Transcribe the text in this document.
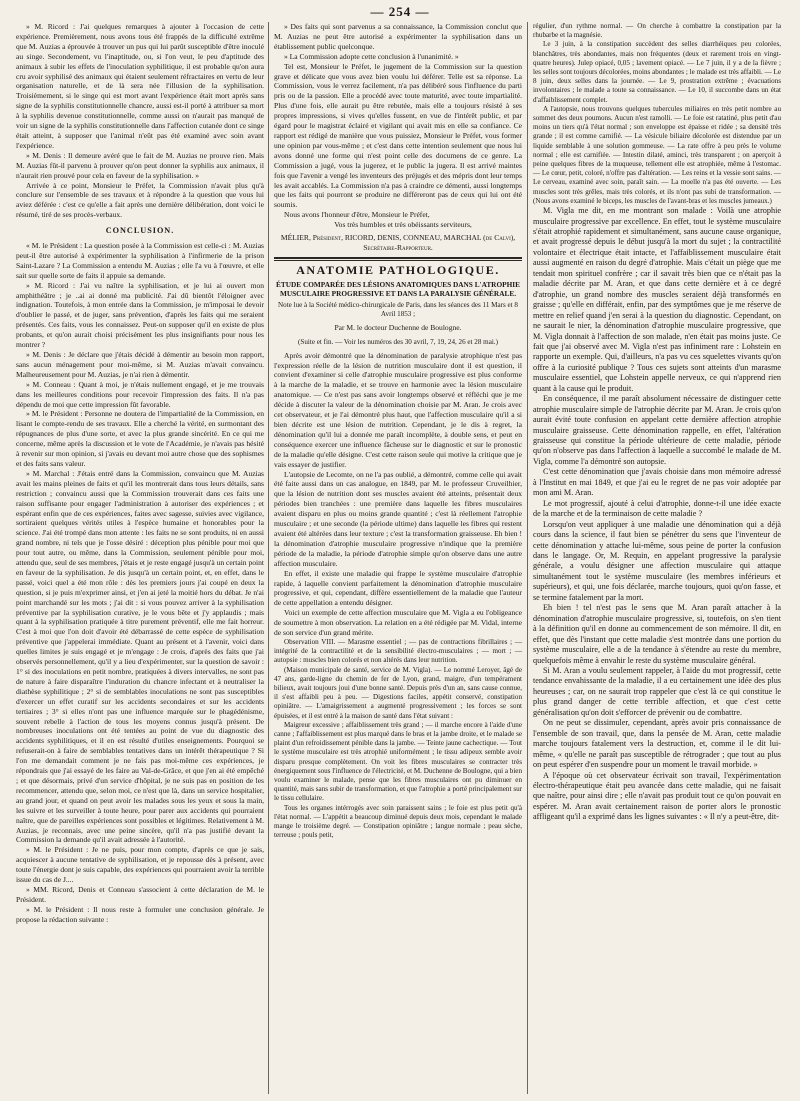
— 254 —

» M. Ricord : J'ai quelques remarques à ajouter à l'occasion de cette expérience. Premièrement, nous avons tous été frappés de la difficulté extrême que M. Auzias a éprouvée à trouver un pus qui lui parût susceptible d'être inoculé au singe. Secondement, vu l'inaptitude, ou, si l'on veut, le peu d'aptitude des animaux à subir les effets de l'inoculation syphilitique, il est probable qu'on aura cru avoir syphilisé des animaux qui étaient seulement réfractaires en vertu de leur organisation naturelle, et de là sera née l'illusion de la syphilisation. Troisièmement, si le singe qui est mort avant l'expérience était mort après sans signe de la syphilis constitutionnelle chancre, aussi est-il porté à attribuer sa mort à la syphilis devenue constitutionnelle, comme aussi on n'aurait pas manqué de voir un signe de la syphilis constitutionnelle dans l'affection cutanée dont ce singe était atteint, à supposer que l'animal n'eût pas été examiné avec soin avant l'expérience.

» M. Denis : Il demeure avéré que le fait de M. Auzias ne prouve rien. Mais M. Auzias fût-il parvenu à prouver qu'on peut donner la syphilis aux animaux, il n'aurait rien prouvé pour cela en faveur de la syphilisation. »

Arrivée à ce point, Monsieur le Préfet, la Commission n'avait plus qu'à conclure sur l'ensemble de ses travaux et à répondre à la question que vous lui aviez déférée : c'est ce qu'elle a fait après une dernière délibération, dont voici le résumé, tiré de ses procès-verbaux.

CONCLUSION.

« M. le Président : La question posée à la Commission est celle-ci : M. Auzias peut-il être autorisé à expérimenter la syphilisation à l'infirmerie de la prison Saint-Lazare ? La Commission a entendu M. Auzias ; elle l'a vu à l'œuvre, et elle sait sur quelle sorte de faits il appuie sa demande.

» M. Ricord : J'ai vu naître la syphilisation, et je lui ai ouvert mon amphithéâtre ; je ..ai ai donné ma publicité. J'ai dû bientôt l'éloigner avec indignation. Toutefois, à mon entrée dans la Commission, je m'imposai le devoir d'oublier le passé, et de juger, sans prévention, d'après les faits qui me seraient présentés. Ces faits, vous les connaissez. Peut-on supposer qu'il en existe de plus probants, et qu'on aurait choisi précisément les plus insignifiants pour nous les montrer ?

» M. Denis : Je déclare que j'étais décidé à démentir au besoin mon rapport, sans aucun ménagement pour moi-même, si M. Auzias m'avait convaincu. Malheureusement pour M. Auzias, je n'ai rien à démentir.

» M. Conneau : Quant à moi, je n'étais nullement engagé, et je me trouvais dans les meilleures conditions pour recevoir l'impression des faits. Il n'a pas dépendu de moi que cette impression fût favorable.

» M. le Président : Personne ne doutera de l'impartialité de la Commission, en lisant le compte-rendu de ses travaux. Elle a cherché la vérité, en surmontant des répugnances de plus d'une sorte, et avec la plus grande sincérité. En ce qui me concerne, même après la discussion et le vote de l'Académie, je n'avais pas hésité à revenir sur mon opinion, si j'avais eu devant moi autre chose que des sophismes et des faits sans valeur.

» M. Marchal : J'étais entré dans la Commission, convaincu que M. Auzias avait les mains pleines de faits et qu'il les montrerait dans tous leurs détails, sans restriction ; convaincu aussi que la Commission trouverait dans ces faits une raison suffisante pour engager l'administration à autoriser des expériences ; et espérant enfin que de ces expériences, faites avec sagesse, suivies avec vigilance, sortiraient quelques vérités utiles à l'espèce humaine et honorables pour la science. J'ai été trompé dans mon attente : les faits ne se sont produits, ni en aussi grand nombre, ni tels que je l'osse désiré : déception plus pénible pour moi que pour tout autre, ou même, dans la Commission, seulement pénible pour moi, attendu que, seul de ses membres, j'étais et je reste engagé jusqu'à un certain point en faveur de la syphilisation. Je dis jusqu'à un certain point, et, en effet, dans le passé, voici quel a été mon rôle : dès les premiers jours j'ai coupé en deux la question, si je puis m'exprimer ainsi, et j'en ai jeté la moitié hors du débat. Je n'ai point marchandé sur les mots ; j'ai dit : si vous pouvez arriver à la syphilisation préventive par la syphilisation curative, je le vous bête et j'y applaudis ; mais quant à la syphilisation pratiquée à titre purement préventif, elle me fait horreur. C'est à moi que l'on doit d'avoir été débarrassé de cette espèce de syphilisation préventive que j'appelerai immédiate. Quant au présent et à l'avenir, voici dans quelles limites je suis engagé et je m'engage : Je crois, d'après des faits que j'ai observés personnellement, qu'il y a lieu d'expérimenter, sur la question de savoir : 1° si des inoculations en petit nombre, pratiquées à divers intervalles, ne sont pas de nature à faire disparaître l'induration du chancre infectant et à neutraliser la diathèse syphilitique ; 2° si de semblables inoculations ne sont pas susceptibles d'exercer un effet curatif sur les accidents secondaires et sur les accidents tertiaires ; 3° si elles n'ont pas une influence marquée sur le phagédénisme, souvent rebelle à l'action de tous les moyens connus jusqu'à présent. De nombreuses inoculations ont été tentées au point de vue du diagnostic des accidents syphilitiques, et il en est résulté d'utiles enseignements. Pourquoi se refuserait-on à faire de semblables tentatives dans un intérêt thérapeutique ? Si l'on me demandait comment je ne fais pas moi-même ces expériences, je répondrais que j'ai essayé de les faire au Val-de-Grâce, et que j'en ai été empêché ; et que désormais, privé d'un service d'hôpital, je ne suis pas en position de les recommencer, attendu que, selon moi, ce n'est que là, dans un service hospitalier, au grand jour, et quand on peut avoir les malades sous les yeux et sous la main, les suivre et les surveiller à toute heure, pour parer aux accidents qui pourraient naître, que de pareilles expériences sont possibles et légitimes. Relativement à M. Auzias, je reconnais, avec une peine sincère, qu'il n'a pas justifié devant la Commission la demande qu'il avait adressée à l'autorité.

» M. le Président : Je ne puis, pour mon compte, d'après ce que je sais, acquiescer à aucune tentative de syphilisation, et je repousse dès à présent, avec toute l'énergie dont je suis capable, des expériences qui pourraient avoir la terrible issue du cas de J....

» MM. Ricord, Denis et Conneau s'associent à cette déclaration de M. le Président.

» M. le Président : Il nous reste à formuler une conclusion générale. Je propose la rédaction suivante :

» Des faits qui sont parvenus a sa connaissance, la Commission conclut que M. Auzias ne peut être autorisé a expérimenter la syphilisation dans un établissement public quelconque.

» La Commission adopte cette conclusion à l'unanimité. »

Tel est, Monsieur le Préfet, le jugement de la Commission sur la question grave et délicate que vous avez bien voulu lui déférer. Telle est sa réponse. La Commission, vous le verrez facilement, n'a pas délibéré sous l'influence du parti pris ou de la passion. Elle a procédé avec toute maturité, avec toute impartialité. Plus d'une fois, elle aurait pu être rebutée, mais elle a toujours résisté à ses propres impressions, si vives qu'elles fussent, en vue de l'intérêt public, et par égard pour le magistrat éclairé et vigilant qui avait mis en elle sa confiance. Ce rapport est rédigé de manière que vous puissiez, Monsieur le Préfet, vous former une opinion par vous-même ; et c'est dans cette intention seulement que nous lui avons donné une forme qui n'est point celle des documens de ce genre. La Commission a jugé, vous la jugerez, et le public la jugera. Il est arrivé maintes fois que l'avenir a vengé les inventeurs des préjugés et des mépris dont leur temps les avait accablés. La Commission n'a pas à craindre ce démenti, aussi longtemps que les faits qui pourront se produire ne différeront pas de ceux qui lui ont été soumis.

Nous avons l'honneur d'être, Monsieur le Préfet,

Vos très humbles et très obéissants serviteurs,

MÉLIER, Président, RICORD, DENIS, CONNEAU, MARCHAL (de Calvi), Secrétaire-Rapporteur.
ANATOMIE PATHOLOGIQUE.
ÉTUDE COMPARÉE DES LÉSIONS ANATOMIQUES DANS L'ATROPHIE MUSCULAIRE PROGRESSIVE ET DANS LA PARALYSIE GÉNÉRALE.
Note lue à la Société médico-chirurgicale de Paris, dans les séances des 11 Mars et 8 Avril 1853 ;
Par M. le docteur Duchenne de Boulogne.
(Suite et fin. — Voir les numéros des 30 avril, 7, 19, 24, 26 et 28 mai.)

Après avoir démontré que la dénomination de paralysie atrophique n'est pas l'expression réelle de la lésion de nutrition musculaire dont il est question, il convient d'examiner si celle d'atrophie musculaire progressive est plus conforme à la marche de la maladie, et se trouve en harmonie avec la lésion musculaire anatomique. — Ce n'est pas sans avoir longtemps observé et réfléchi que je me décide à discuter la valeur de la dénomination choisie par M. Aran. Je crois avec cet observateur, et je l'ai démontré plus haut, que l'affection musculaire qu'il a si bien décrite est une lésion de nutrition. Cependant, je le dis à regret, la dénomination qu'il lui a donnée me paraît incomplète, à double sens, et peut en conséquence exercer une influence fâcheuse sur le diagnostic et sur le pronostic de la maladie qu'elle désigne. C'est cette raison seule qui motive la critique que je vais essayer de justifier.

L'autopsie de Lecomte, on ne l'a pas oublié, a démontré, comme celle qui avait été faite aussi dans un cas analogue, en 1849, par M. le professeur Cruveilhier, que la lésion de nutrition dont ses muscles avaient été atteints, présentait deux périodes bien tranchées : une première dans laquelle les fibres musculaires avaient disparu en plus ou moins grande quantité ; c'est là réellement l'atrophie musculaire ; et une seconde (la période ultime) dans laquelle les fibres qui restent avaient été altérées dans leur texture ; c'est la transformation graisseuse. Eh bien ! la dénomination d'atrophie musculaire progressive n'indique que la première période de la maladie, la période d'atrophie simple qu'on observe dans une autre affection musculaire.

En effet, il existe une maladie qui frappe le système musculaire d'atrophie rapide, à laquelle convient parfaitement la dénomination d'atrophie musculaire progressive, et qui, cependant, diffère essentiellement de la maladie que l'auteur de cette appellation a entendu désigner.

Voici un exemple de cette affection musculaire que M. Vigla a eu l'obligeance de soumettre à mon observation. La relation en a été rédigée par M. Vidal, interne de son service d'un grand mérite.

Observation VIII. — Marasme essentiel ; — pas de contractions fibrillaires ; — intégrité de la contractilité et de la sensibilité électro-musculaires ; — mort ; — autopsie : muscles bien colorés et non altérés dans leur nutrition.

(Maison municipale de santé, service de M. Vigla). — Le nommé Leroyer, âgé de 47 ans, garde-ligne du chemin de fer de Lyon, grand, maigre, d'un tempérament bilieux, avait toujours joui d'une bonne santé. Depuis près d'un an, sans cause connue, il s'est affaibli peu à peu. — Digestions faciles, appétit conservé, constipation opiniâtre. — L'amaigrissement a augmenté progressivement ; les forces se sont épuisées, et il est entré à la maison de santé dans l'état suivant :

Maigreur excessive ; affaiblissement très grand ; — il marche encore à l'aide d'une canne ; l'affaiblissement est plus marqué dans le bras et la jambe droite, et le malade se plaint d'un refroidissement pénible dans la jambe. — Teinte jaune cachectique. — Tout le système musculaire est très atrophié uniformément ; le tissu adipeux semble avoir disparu presque complètement. On voit les fibres musculaires se contracter très énergiquement sous l'influence de l'électricité, et M. Duchenne de Boulogne, qui a bien voulu examiner le malade, pense que les fibres musculaires ont pu diminuer en quantité, mais sans subir de transformation, et que l'atrophie a porté principalement sur le tissu cellulaire.

Tous les organes intérrogés avec soin paraissent sains ; le foie est plus petit qu'à l'état normal. — L'appétit a beaucoup diminué depuis deux mois, cependant le malade mange le troisième degré. — Constipation opiniâtre ; langue normale ; peau sèche, terreuse ; pouls petit,

régulier, d'un rythme normal. — On cherche à combattre la constipation par la rhubarbe et la magnésie.

Le 3 juin, à la constipation succèdent des selles diarrhéiques peu colorées, blanchâtres, très abondantes, mais non fréquentes (deux et rarement trois en vingt-quatre heures). Julep opiacé, 0,05 ; lavement opiacé. — Le 7 juin, il y a de la fièvre ; les selles sont toujours décolorées, moins abondantes ; le malade est très affaibli. — Le 8 juin, deux selles dans la journée. — Le 9, prostration extrême ; évacuations involontaires ; le malade a toute sa connaissance. — Le 10, il succombe dans un état d'affaiblissement complet.

A l'autopsie, nous trouvons quelques tubercules miliaires en très petit nombre au sommet des deux poumons. Aucun n'est ramolli. — Le foie est ratatiné, plus petit d'au moins un tiers qu'à l'état normal ; son enveloppe est épaisse et ridée ; sa densité très grande ; il est comme carnifié. — La vésicule biliaire décolorée est distendue par un liquide semblable à une solution gommeuse. — La rate offre à peu près le volume normal ; elle est carnifiée. — Intestin dilaté, aminci, très transparent ; on aperçoit à peine quelques fibres de la muqueuse, tellement elle est atrophiée, même à l'estomac. — Le cœur, petit, coloré, n'offre pas d'altération. — Les reins et la vessie sont sains. — Le cerveau, examiné avec soin, paraît sain. — La moelle n'a pas été ouverte. — Les muscles sont très grêles, mais très colorés, et ils n'ont pas subi de transformation. — (Nous avons examiné le biceps, les muscles de l'avant-bras et les muscles jumeaux.)

M. Vigla me dit, en me montrant son malade : Voilà une atrophie musculaire progressive par excellence. En effet, tout le système musculaire s'était atrophié rapidement et simultanément, sans aucune cause organique, et avait progressé depuis le début jusqu'à la mort du sujet ; la contractilité volontaire et électrique était intacte, et l'affaiblissement musculaire était aussi augmenté en raison du degré d'atrophie. Mais c'était un piège que me tendait mon spirituel confrère ; car il savait très bien que ce n'était pas la maladie décrite par M. Aran, et que dans cette dernière et à ce degré d'atrophie, un grand nombre des muscles seraient déjà transformés en graisse ; qu'elle en différait, enfin, par des symptômes que je me réserve de mettre en relief quand j'en serai à la question du diagnostic. Cependant, on ne saurait le nier, la dénomination d'atrophie musculaire progressive, que M. Vigla donnait à l'affection de son malade, n'en était pas moins juste. Ce fait que j'ai observé avec M. Vigla n'est pas infiniment rare : Lohstein en rapporte un exemple. Qui, d'ailleurs, n'a pas vu ces squelettes vivants qu'on offre à la curiosité publique ? Tous ces sujets sont atteints d'un marasme musculaire essentiel, que Lohstein appelle nerveux, ce qui n'apprend rien quant à la cause qui le produit.

En conséquence, il me paraît absolument nécessaire de distinguer cette atrophie musculaire simple de l'atrophie décrite par M. Aran. Je crois qu'on aurait évité toute confusion en appelant cette dernière affection atrophie musculaire graisseuse. Cette dénomination rappelle, en effet, l'altération graisseuse qui constitue la période ultérieure de cette maladie, période qu'on n'observe pas dans l'affection à laquelle a succombé le malade de M. Vigla, comme l'a démontré son autopsie.

C'est cette dénomination que j'avais choisie dans mon mémoire adressé à l'Institut en mai 1849, et que j'ai eu le regret de ne pas voir adoptée par mon ami M. Aran.

Le mot progressif, ajouté à celui d'atrophie, donne-t-il une idée exacte de la marche et de la terminaison de cette maladie ?

Lorsqu'on veut appliquer à une maladie une dénomination qui a déjà cours dans la science, il faut bien se pénétrer du sens que l'inventeur de cette dénomination y attache lui-même, sous peine de porter la confusion dans le langage. Or, M. Requin, en appelant progressive la paralysie générale, a voulu désigner une affection musculaire qui attaque simultanément tout le système musculaire (les membres inférieurs et supérieurs), et qui, une fois déclarée, marche toujours, quoi qu'on fasse, et se termine fatalement par la mort.

Eh bien ! tel n'est pas le sens que M. Aran paraît attacher à la dénomination d'atrophie musculaire progressive, si, toutefois, on s'en tient à la définition qu'il en donne au commencement de son mémoire. Il dit, en effet, que dès l'instant que cette maladie s'est montrée dans une portion du système musculaire, elle a de la tendance à s'étendre au reste du membre, quelquefois même à envahir le reste du système musculaire général.

Si M. Aran a voulu seulement rappeler, à l'aide du mot progressif, cette tendance envahissante de la maladie, il a eu certainement une idée des plus heureuses ; car, on ne saurait trop rappeler que c'est là ce qui constitue le plus grand danger de cette terrible affection, et que c'est cette généralisation qu'on doit s'efforcer de prévenir ou de combattre.

On ne peut se dissimuler, cependant, après avoir pris connaissance de l'ensemble de son travail, que, dans la pensée de M. Aran, cette maladie marche toujours fatalement vers la destruction, et, comme il le dit lui-même, « qu'elle ne paraît pas susceptible de rétrograder ; que tout au plus on peut espérer d'en suspendre pour un moment le travail morbide. »

A l'époque où cet observateur écrivait son travail, l'expérimentation électro-thérapeutique était peu avancée dans cette maladie, qui ne faisait que naître, pour ainsi dire ; elle n'avait pas produit tout ce qu'on pouvait en espérer. M. Aran avait certainement raison de porter alors le pronostic affligeant qu'il a exprimé dans les lignes suivantes : « Il n'y a peut-être, dit-
